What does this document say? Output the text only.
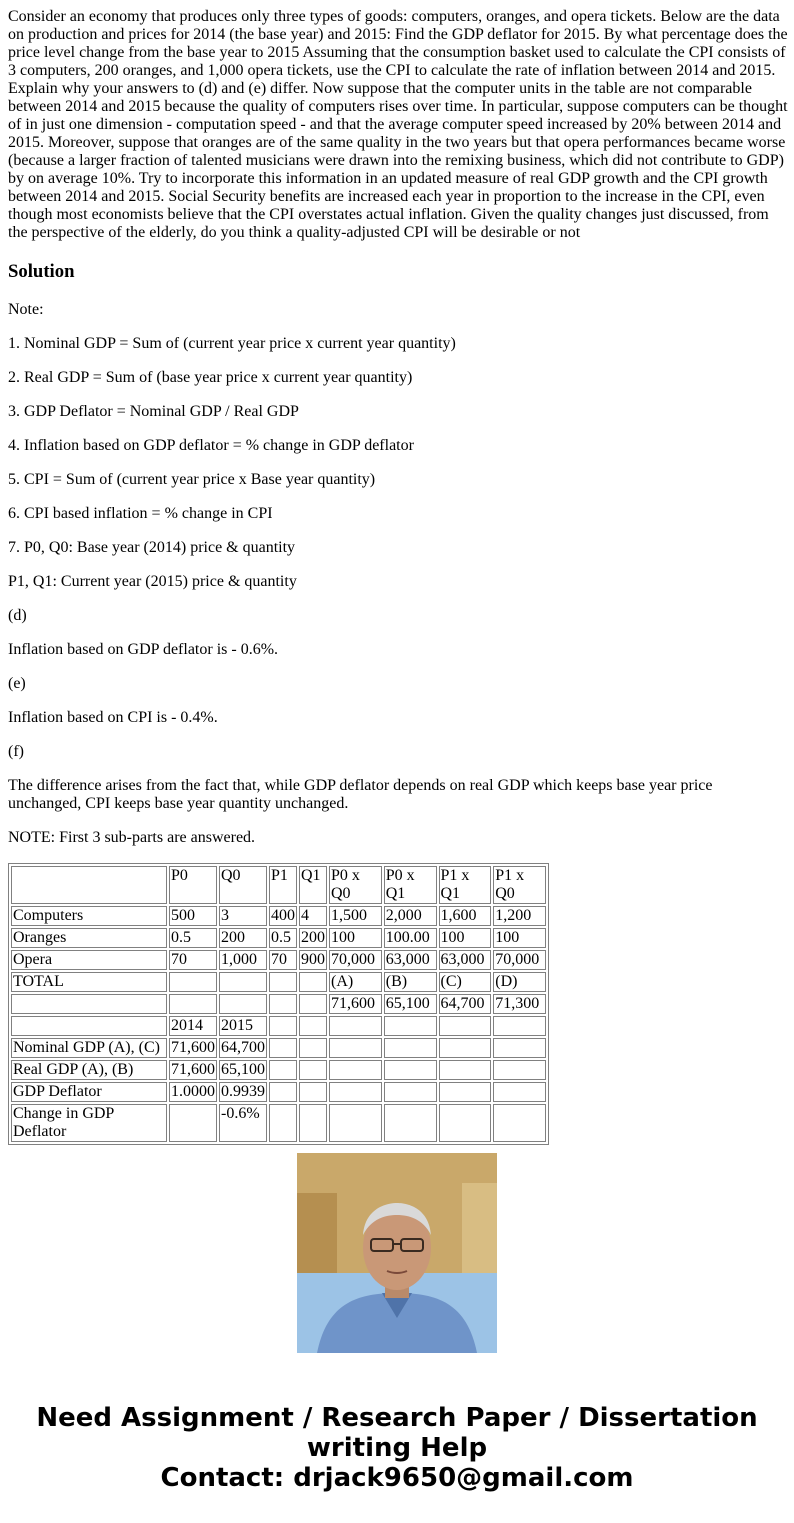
Consider an economy that produces only three types of goods: computers, oranges, and opera tickets. Below are the data on production and prices for 2014 (the base year) and 2015: Find the GDP deflator for 2015. By what percentage does the price level change from the base year to 2015 Assuming that the consumption basket used to calculate the CPI consists of 3 computers, 200 oranges, and 1,000 opera tickets, use the CPI to calculate the rate of inflation between 2014 and 2015. Explain why your answers to (d) and (e) differ. Now suppose that the computer units in the table are not comparable between 2014 and 2015 because the quality of computers rises over time. In particular, suppose computers can be thought of in just one dimension - computation speed - and that the average computer speed increased by 20% between 2014 and 2015. Moreover, suppose that oranges are of the same quality in the two years but that opera performances became worse (because a larger fraction of talented musicians were drawn into the remixing business, which did not contribute to GDP) by on average 10%. Try to incorporate this information in an updated measure of real GDP growth and the CPI growth between 2014 and 2015. Social Security benefits are increased each year in proportion to the increase in the CPI, even though most economists believe that the CPI overstates actual inflation. Given the quality changes just discussed, from the perspective of the elderly, do you think a quality-adjusted CPI will be desirable or not

Solution

Note:

1. Nominal GDP = Sum of (current year price x current year quantity)

2. Real GDP = Sum of (base year price x current year quantity)

3. GDP Deflator = Nominal GDP / Real GDP

4. Inflation based on GDP deflator = % change in GDP deflator

5. CPI = Sum of (current year price x Base year quantity)

6. CPI based inflation = % change in CPI

7. P0, Q0: Base year (2014) price & quantity

P1, Q1: Current year (2015) price & quantity

(d)

Inflation based on GDP deflator is - 0.6%.

(e)

Inflation based on CPI is - 0.4%.

(f)

The difference arises from the fact that, while GDP deflator depends on real GDP which keeps base year price unchanged, CPI keeps base year quantity unchanged.

NOTE: First 3 sub-parts are answered.

	P0	Q0	P1	Q1	P0 x Q0	P0 x Q1	P1 x Q1	P1 x Q0
Computers	500	3	400	4	1,500	2,000	1,600	1,200
Oranges	0.5	200	0.5	200	100	100.00	100	100
Opera	70	1,000	70	900	70,000	63,000	63,000	70,000
TOTAL					(A)	(B)	(C)	(D)
					71,600	65,100	64,700	71,300
	2014	2015						
Nominal GDP (A), (C)	71,600	64,700						
Real GDP (A), (B)	71,600	65,100						
GDP Deflator	1.0000	0.9939						
Change in GDP Deflator		-0.6%						
Need Assignment / Research Paper / Dissertation writing Help
Contact: drjack9650@gmail.com
